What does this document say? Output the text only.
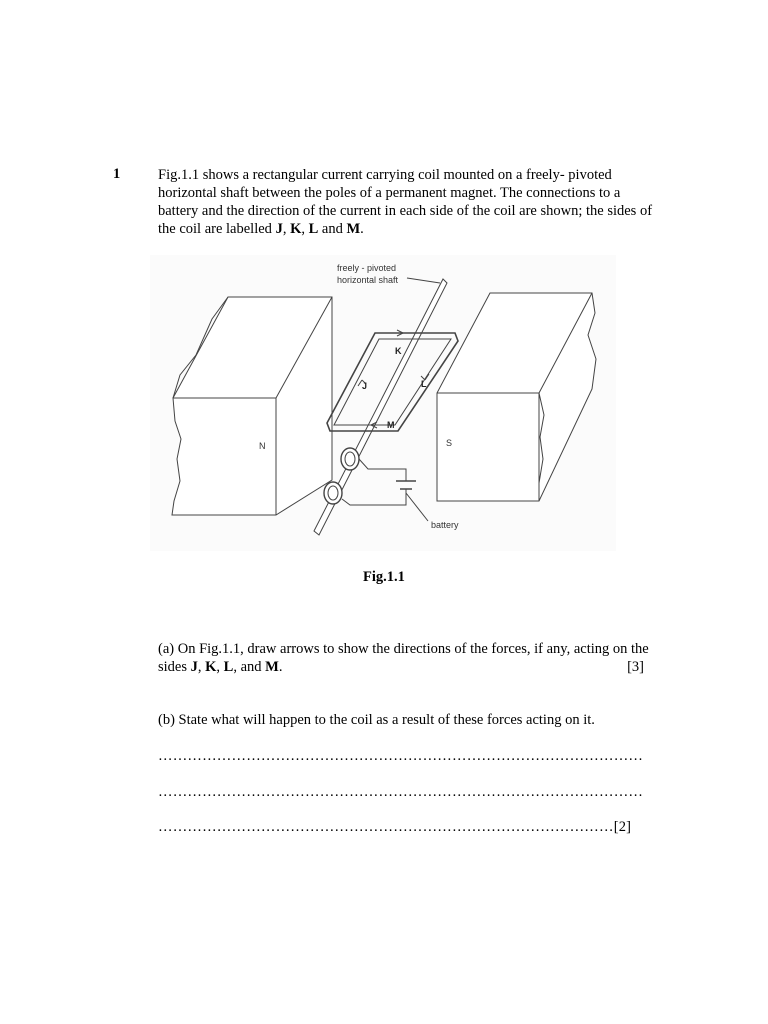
1	Fig.1.1 shows a rectangular current carrying coil mounted on a freely- pivoted horizontal shaft between the poles of a permanent magnet. The connections to a battery and the direction of the current in each side of the coil are shown; the sides of the coil are labelled J, K, L and M.
freely - pivoted
horizontal shaft
K
J	L
M
N	S
battery
Fig.1.1
(a) On Fig.1.1, draw arrows to show the directions of the forces, if any, acting on the sides J, K, L, and M.	[3]
(b) State what will happen to the coil as a result of these forces acting on it.
………………………………………………………………………………………
………………………………………………………………………………………
…………………………………………………………………………………[2]
